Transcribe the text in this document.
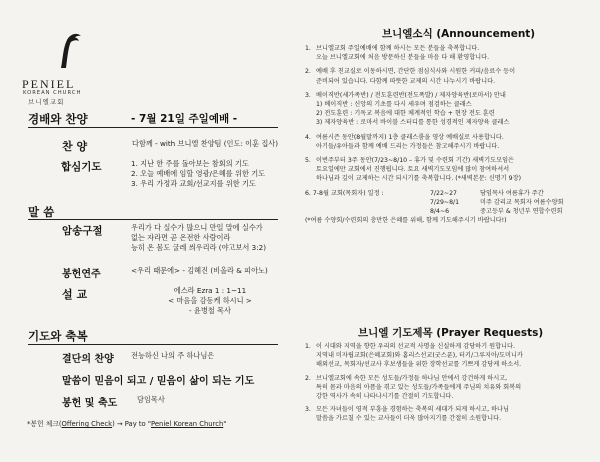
PENIEL
KOREAN CHURCH
브니엘교회
경배와 찬양	- 7월 21일 주일예배 -
찬 양	다함께 - with 브니엘 찬양팀 (인도: 이훈 집사)
합심기도	1. 지난 한 주를 돌아보는 참회의 기도
2. 오늘 예배에 임할 영광/은혜를 위한 기도
3. 우리 가정과 교회/선교지를 위한 기도
말 씀
암송구절	우리가 다 실수가 많으니 만일 말에 실수가
없는 자라면 곧 온전한 사람이라
능히 온 몸도 굴레 씌우리라 (야고보서 3:2)
봉헌연주	<우리 때문에> - 김혜진 (비올라 & 피아노)
설 교	에스라 Ezra 1 : 1~11
< 마음을 감동케 하시니 >
- 윤병철 목사
기도와 축복
결단의 찬양 전능하신 나의 주 하나님은
말씀이 믿음이 되고 / 믿음이 삶이 되는 기도
봉헌 및 축도	담임목사
*봉헌 체크(Offering Check) → Pay to "Peniel Korean Church"
브니엘소식 (Announcement)
1. 브니엘교회 주일예배에 함께 하시는 모든 분들을 축복합니다.
오늘 브니엘교회에 처음 방문하신 분들을 마음 다 해 환영합니다.
2. 예배 후 친교실로 이동하시면, 간단한 점심식사와 시원한 커피/음료수 등이
준비되어 있습니다. 다함께 따뜻한 교제의 시간 나누시기 바랍니다.
3. 베이직반(세가족반) / 전도훈련반(전도폭발) / 제자양육반(로마서) 안내
1) 베이직반 : 신앙의 기초를 다시 세우며 점검하는 클래스
2) 전도훈련 : 기독교 복음에 대한 체계적인 학습 + 현장 전도 훈련
3) 제자양육반 : 로마서 바이블 스터디를 통한 성경적인 제자양육 클래스
4. 여름시즌 동안(8월말까지) 1층 클래스룸을 영상 예배실로 사용합니다.
아기들/유아들과 함께 예배 드리는 가정들은 참고해주시기 바랍니다.
5. 이번주부터 3주 동안(7/23~8/10 – 휴가 및 수련회 기간) 새벽기도모임은
토요일에만 교회에서 진행됩니다. 토요 새벽기도모임에 많이 참여하셔서
하나님과 깊이 교제하는 시간 되시기를 축복합니다. (*새벽본문: 신명기 9장)
6. 7-8월 교회(목회자) 일정 :	7/22~27	담임목사 여름휴가 주간
7/29~8/1	미주 감리교 목회자 여름수양회
8/4~6	중고등부 & 청년부 연합수련회
(*여름 수양회/수련회의 충만한 은혜를 위해, 함께 기도해주시기 바랍니다!)
브니엘 기도제목 (Prayer Requests)
1. 이 시대와 지역을 향한 우리의 선교적 사명을 신실하게 감당하기 원합니다.
지역내 미자립교회(은혜교회)와 홈리스선교(굿스푼), 터키/그루지아/도미니카
해외선교, 목회자/선교사 후보생들을 위한 장학선교를 기쁘게 감당케 하소서.
2. 브니엘교회에 속한 모든 성도들/가정들 하나님 안에서 강건하게 하시고,
특히 몸과 마음의 아픔을 겪고 있는 성도들/가족들에게 주님의 치유와 회복의
강한 역사가 속히 나타나시기를 간절히 기도합니다.
3. 모든 자녀들이 영적 부흥을 경험하는 축복의 세대가 되게 하시고, 하나님
말씀을 가르칠 수 있는 교사들이 더욱 많아지기를 간절히 소원합니다.
